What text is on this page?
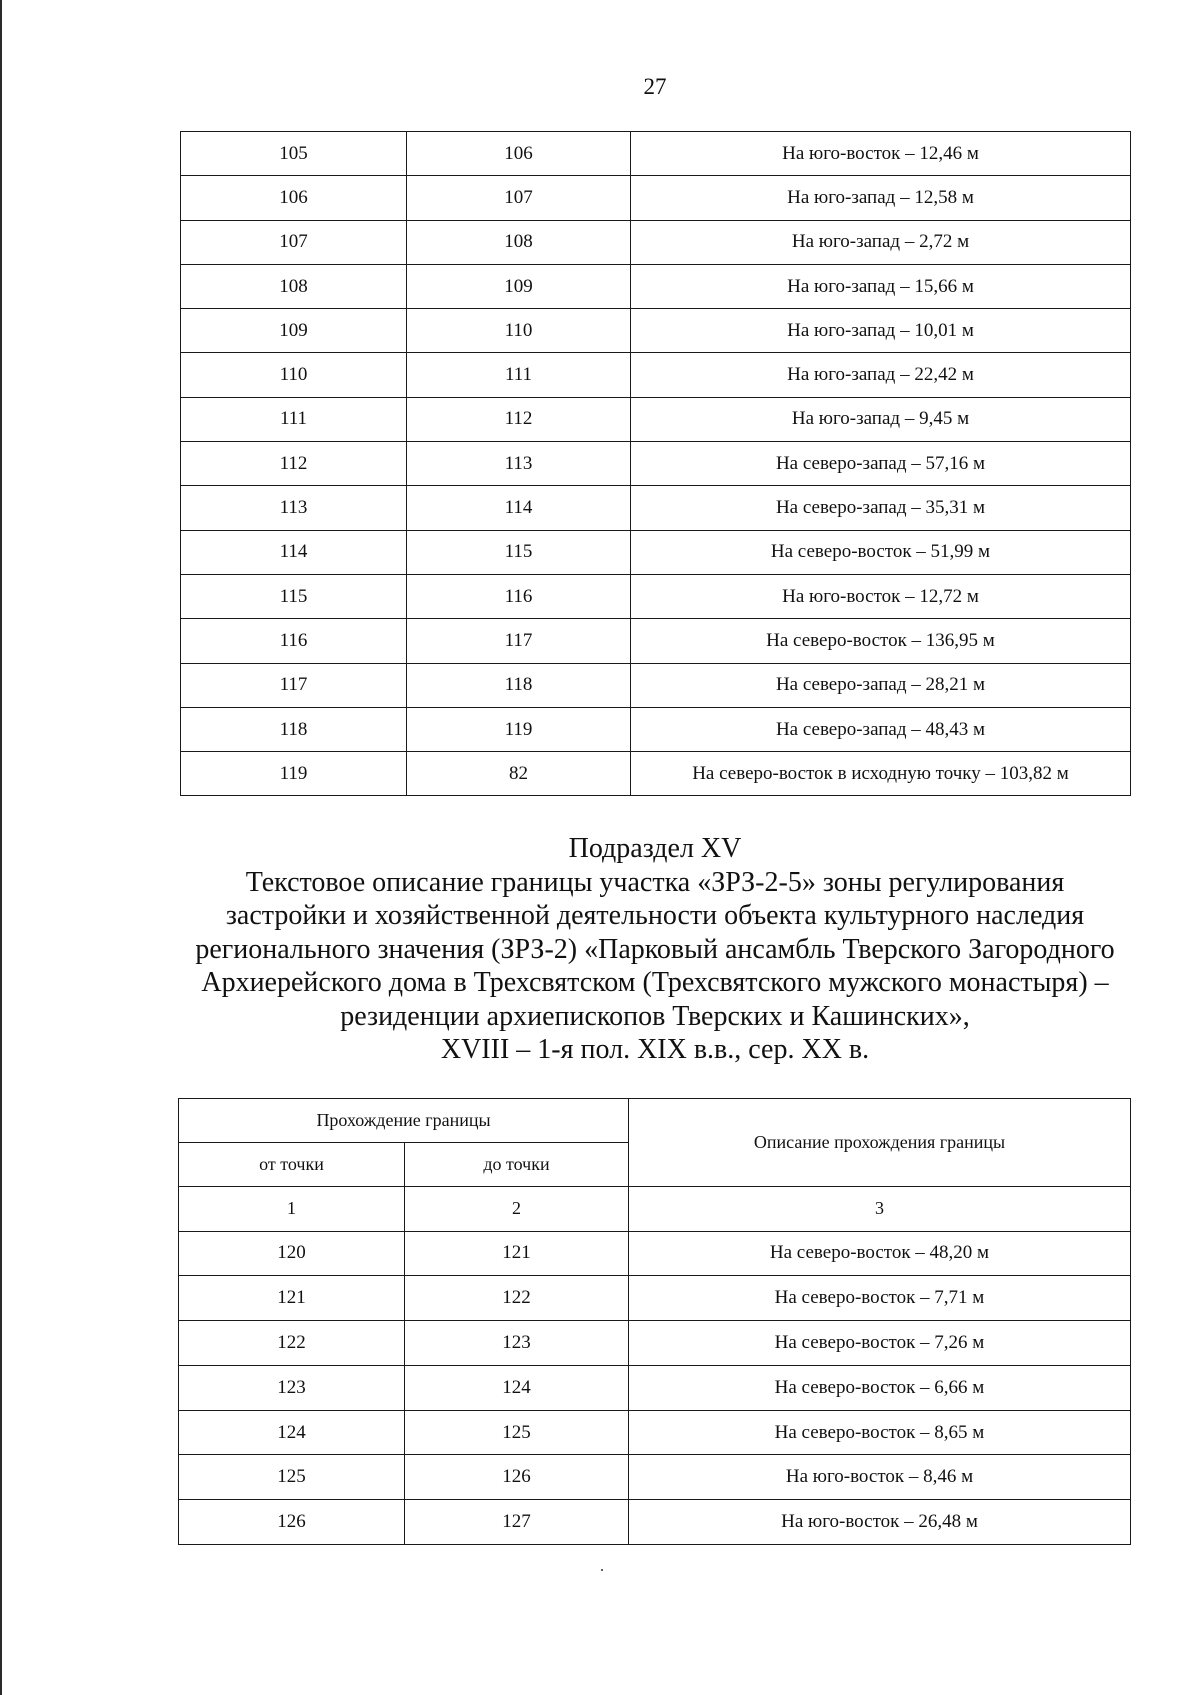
27
105	106	На юго-восток – 12,46 м
106	107	На юго-запад – 12,58 м
107	108	На юго-запад – 2,72 м
108	109	На юго-запад – 15,66 м
109	110	На юго-запад – 10,01 м
110	111	На юго-запад – 22,42 м
111	112	На юго-запад – 9,45 м
112	113	На северо-запад – 57,16 м
113	114	На северо-запад – 35,31 м
114	115	На северо-восток – 51,99 м
115	116	На юго-восток – 12,72 м
116	117	На северо-восток – 136,95 м
117	118	На северо-запад – 28,21 м
118	119	На северо-запад – 48,43 м
119	82	На северо-восток в исходную точку – 103,82 м
Подраздел XV
Текстовое описание границы участка «ЗРЗ-2-5» зоны регулирования
застройки и хозяйственной деятельности объекта культурного наследия
регионального значения (ЗРЗ-2) «Парковый ансамбль Тверского Загородного
Архиерейского дома в Трехсвятском (Трехсвятского мужского монастыря) –
резиденции архиепископов Тверских и Кашинских»,
XVIII – 1-я пол. XIX в.в., сер. XX в.
Прохождение границы		Описание прохождения границы
от точки	до точки	
1	2	3
120	121	На северо-восток – 48,20 м
121	122	На северо-восток – 7,71 м
122	123	На северо-восток – 7,26 м
123	124	На северо-восток – 6,66 м
124	125	На северо-восток – 8,65 м
125	126	На юго-восток – 8,46 м
126	127	На юго-восток – 26,48 м
